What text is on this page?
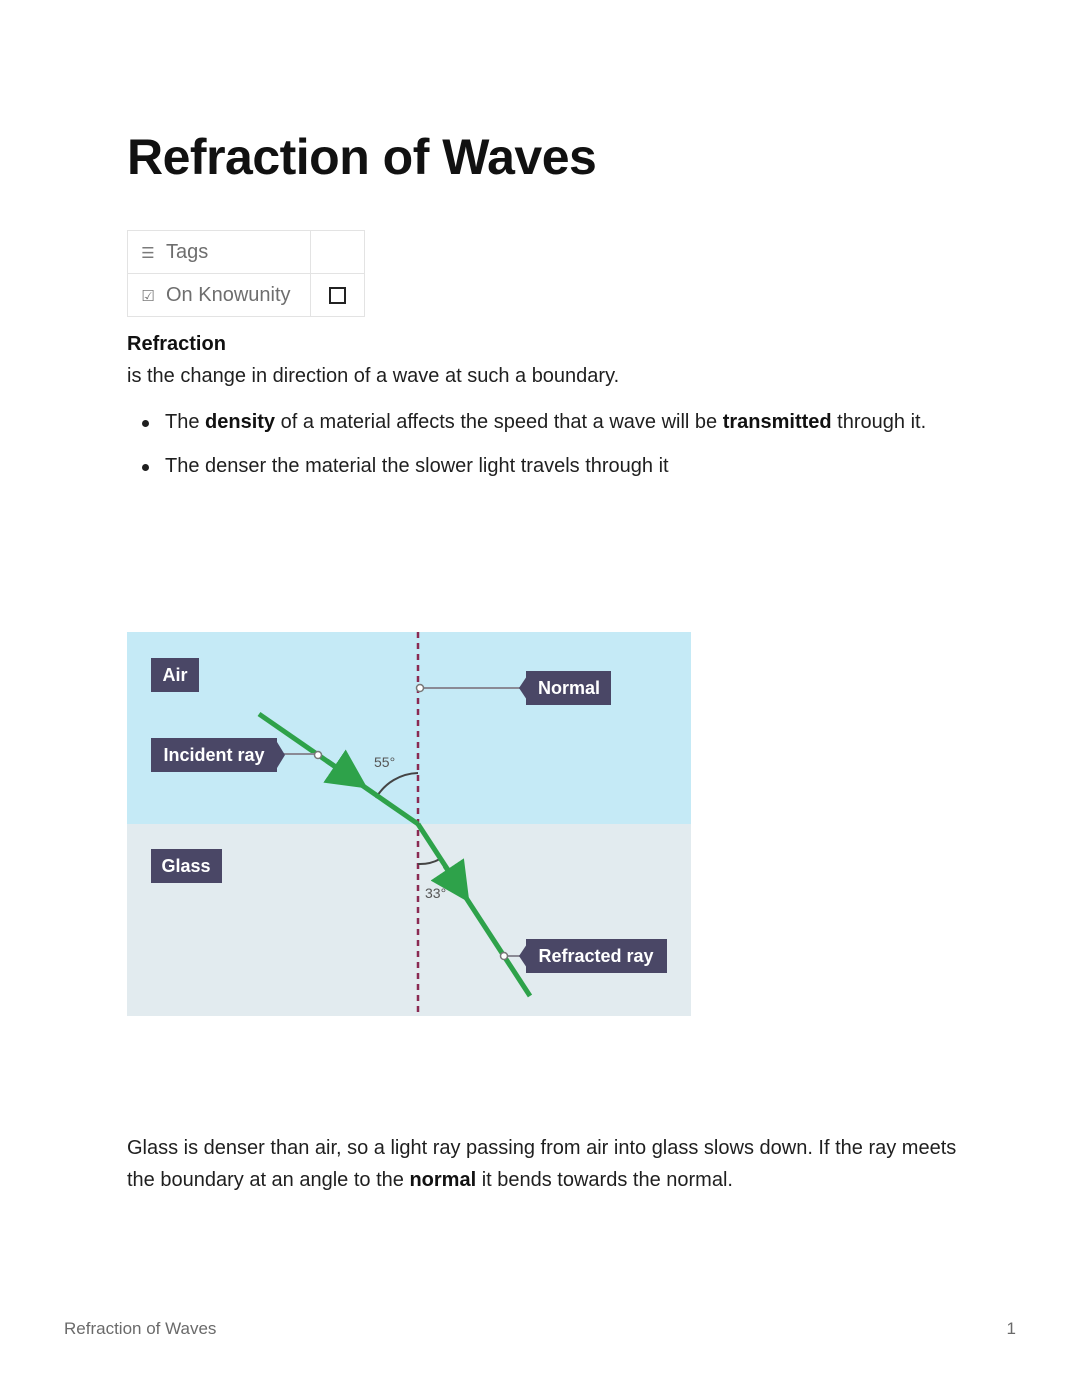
Refraction of Waves
☰ Tags	
☑ On Knowunity	
Refraction

is the change in direction of a wave at such a boundary.

The density of a material affects the speed that a wave will be transmitted through it.
The denser the material the slower light travels through it
Air
Incident ray
Normal
Glass
Refracted ray
55°
33°

Glass is denser than air, so a light ray passing from air into glass slows down. If the ray meets the boundary at an angle to the normal it bends towards the normal.

Refraction of Waves	1
